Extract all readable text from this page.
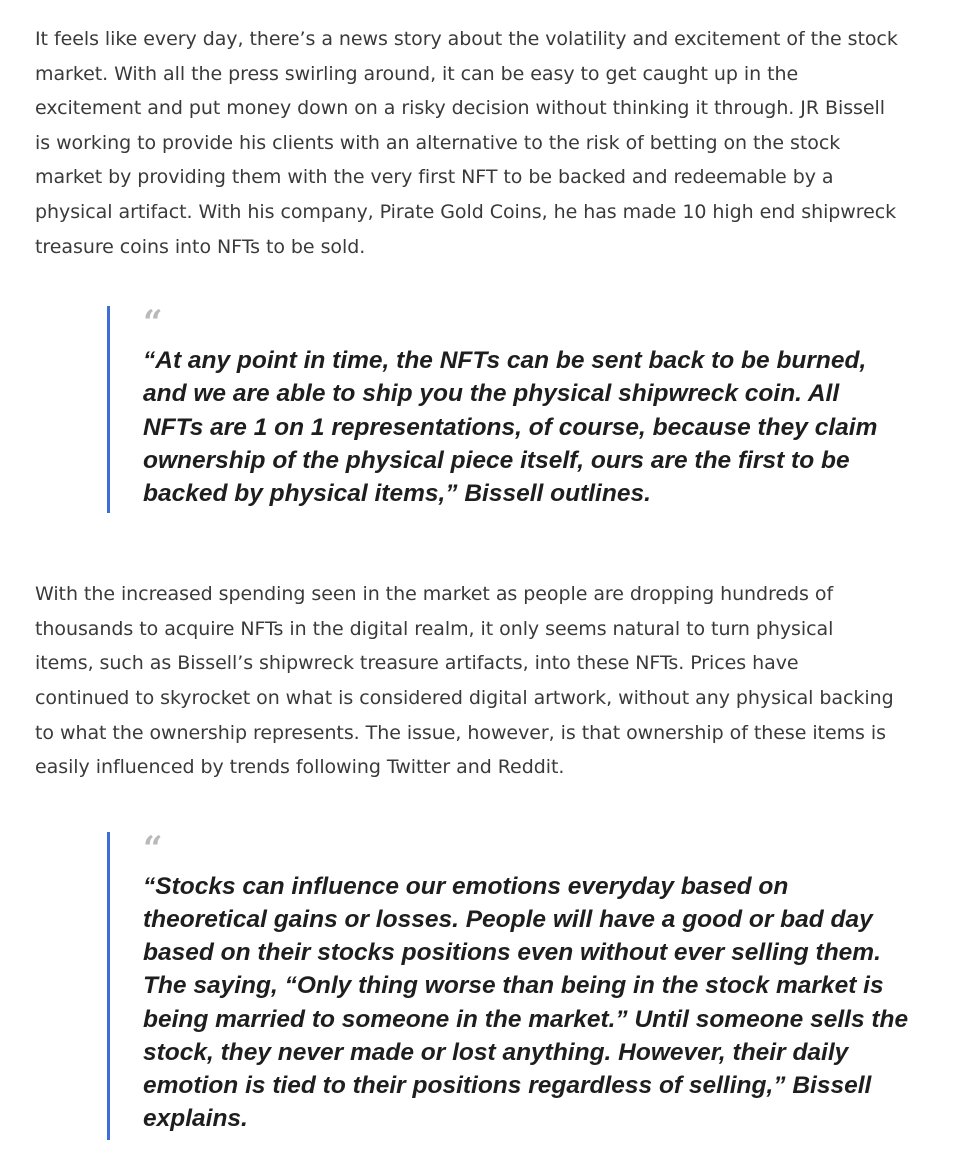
It feels like every day, there’s a news story about the volatility and excitement of the stock market. With all the press swirling around, it can be easy to get caught up in the excitement and put money down on a risky decision without thinking it through. JR Bissell is working to provide his clients with an alternative to the risk of betting on the stock market by providing them with the very first NFT to be backed and redeemable by a physical artifact. With his company, Pirate Gold Coins, he has made 10 high end shipwreck treasure coins into NFTs to be sold.

“

“At any point in time, the NFTs can be sent back to be burned, and we are able to ship you the physical shipwreck coin. All NFTs are 1 on 1 representations, of course, because they claim ownership of the physical piece itself, ours are the first to be backed by physical items,” Bissell outlines.

With the increased spending seen in the market as people are dropping hundreds of thousands to acquire NFTs in the digital realm, it only seems natural to turn physical items, such as Bissell’s shipwreck treasure artifacts, into these NFTs. Prices have continued to skyrocket on what is considered digital artwork, without any physical backing to what the ownership represents. The issue, however, is that ownership of these items is easily influenced by trends following Twitter and Reddit.

“

“Stocks can influence our emotions everyday based on theoretical gains or losses. People will have a good or bad day based on their stocks positions even without ever selling them. The saying, “Only thing worse than being in the stock market is being married to someone in the market.” Until someone sells the stock, they never made or lost anything. However, their daily emotion is tied to their positions regardless of selling,” Bissell explains.
